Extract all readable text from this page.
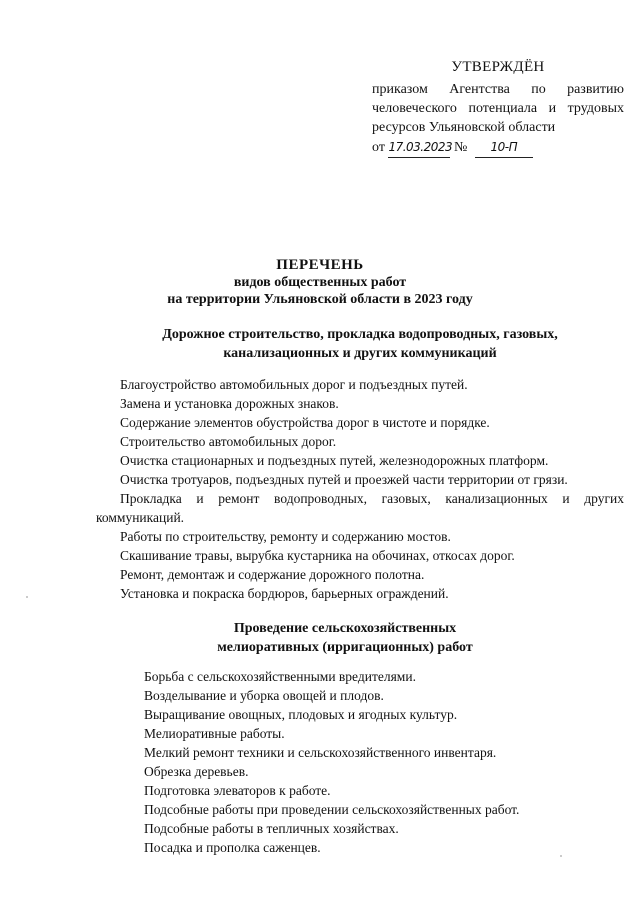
УТВЕРЖДЁН
приказом Агентства по развитию человеческого потенциала и трудовых ресурсов Ульяновской области
от 17.03.2023 № 10-П
ПЕРЕЧЕНЬ
видов общественных работ
на территории Ульяновской области в 2023 году
Дорожное строительство, прокладка водопроводных, газовых,
канализационных и других коммуникаций
Благоустройство автомобильных дорог и подъездных путей.
Замена и установка дорожных знаков.
Содержание элементов обустройства дорог в чистоте и порядке.
Строительство автомобильных дорог.
Очистка стационарных и подъездных путей, железнодорожных платформ.
Очистка тротуаров, подъездных путей и проезжей части территории от грязи.
Прокладка и ремонт водопроводных, газовых, канализационных и других коммуникаций.
Работы по строительству, ремонту и содержанию мостов.
Скашивание травы, вырубка кустарника на обочинах, откосах дорог.
Ремонт, демонтаж и содержание дорожного полотна.
Установка и покраска бордюров, барьерных ограждений.
Проведение сельскохозяйственных
мелиоративных (ирригационных) работ
Борьба с сельскохозяйственными вредителями.
Возделывание и уборка овощей и плодов.
Выращивание овощных, плодовых и ягодных культур.
Мелиоративные работы.
Мелкий ремонт техники и сельскохозяйственного инвентаря.
Обрезка деревьев.
Подготовка элеваторов к работе.
Подсобные работы при проведении сельскохозяйственных работ.
Подсобные работы в тепличных хозяйствах.
Посадка и прополка саженцев.
